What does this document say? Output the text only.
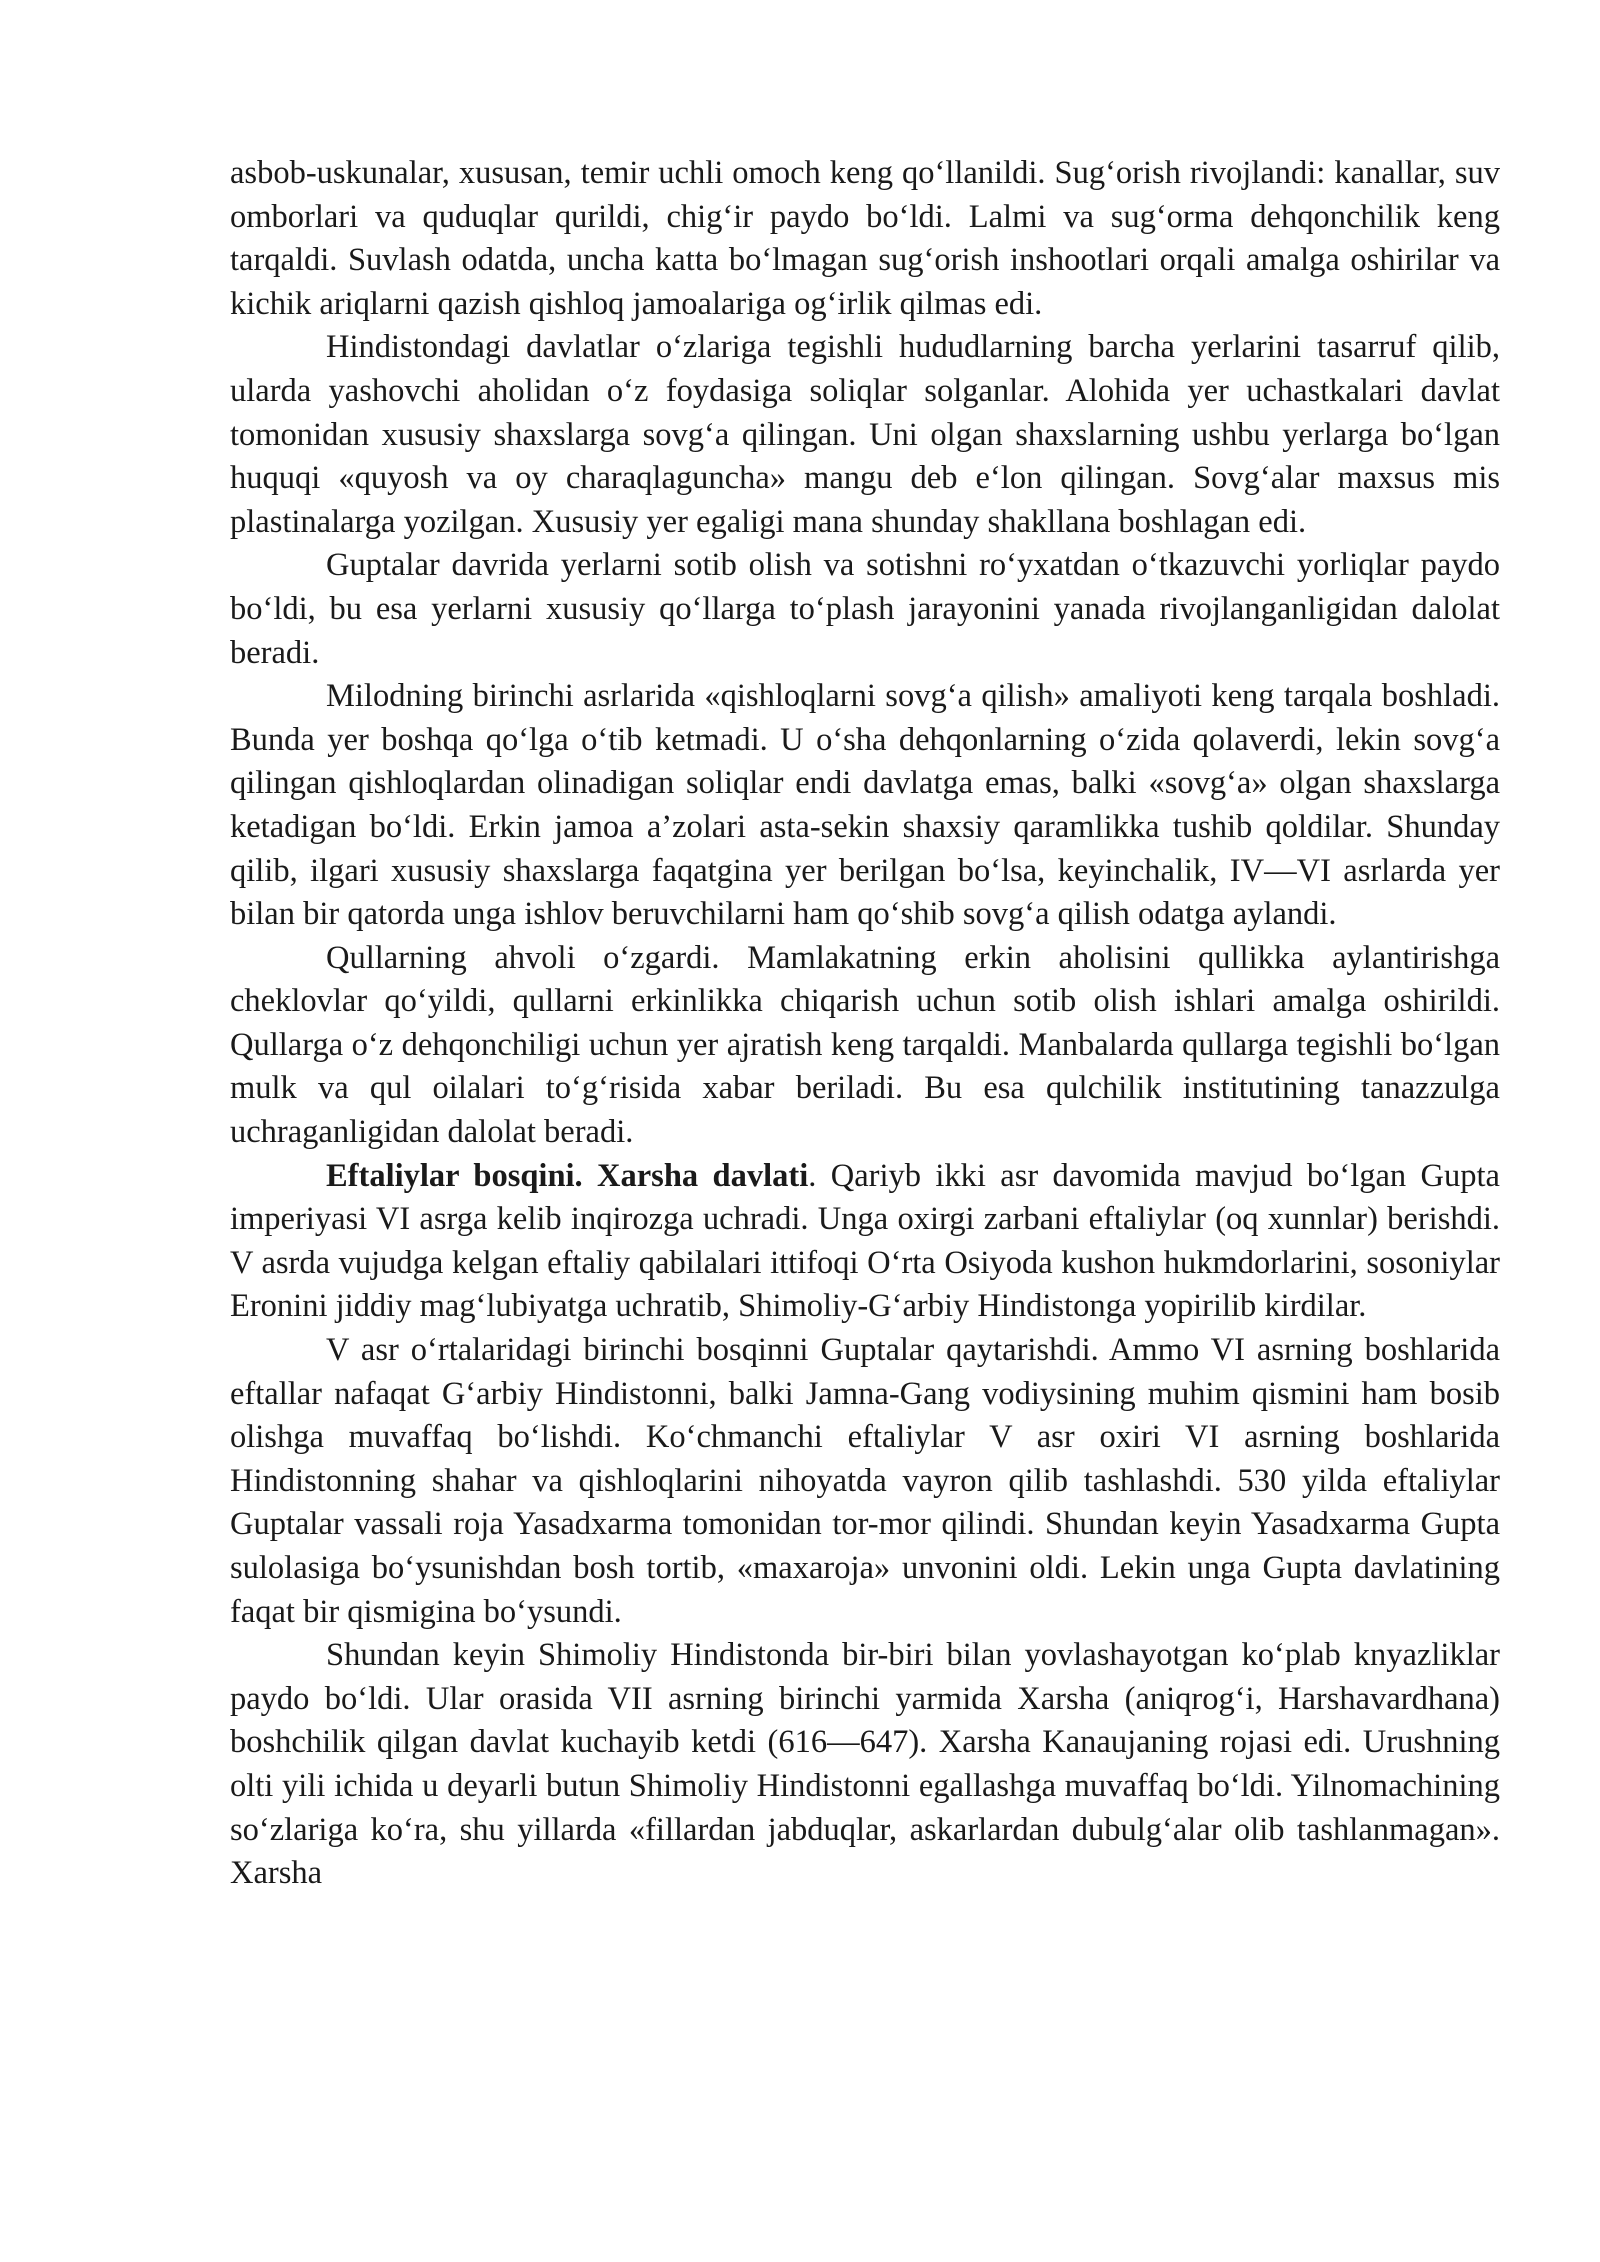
asbob-uskunalar, xususan, temir uchli omoch keng qo‘llanildi. Sug‘orish rivojlandi: kanallar, suv omborlari va quduqlar qurildi, chig‘ir paydo bo‘ldi. Lalmi va sug‘orma dehqonchilik keng tarqaldi. Suvlash odatda, uncha katta bo‘lmagan sug‘orish inshootlari orqali amalga oshirilar va kichik ariqlarni qazish qishloq jamoalariga og‘irlik qilmas edi.

Hindistondagi davlatlar o‘zlariga tegishli hududlarning barcha yerlarini tasarruf qilib, ularda yashovchi aholidan o‘z foydasiga soliqlar solganlar. Alohida yer uchastkalari davlat tomonidan xususiy shaxslarga sovg‘a qilingan. Uni olgan shaxslarning ushbu yerlarga bo‘lgan huquqi «quyosh va oy charaqlaguncha» mangu deb e‘lon qilingan. Sovg‘alar maxsus mis plastinalarga yozilgan. Xususiy yer egaligi mana shunday shakllana boshlagan edi.

Guptalar davrida yerlarni sotib olish va sotishni ro‘yxatdan o‘tkazuvchi yorliqlar paydo bo‘ldi, bu esa yerlarni xususiy qo‘llarga to‘plash jarayonini yanada rivojlanganligidan dalolat beradi.

Milodning birinchi asrlarida «qishloqlarni sovg‘a qilish» amaliyoti keng tarqala boshladi. Bunda yer boshqa qo‘lga o‘tib ketmadi. U o‘sha dehqonlarning o‘zida qolaverdi, lekin sovg‘a qilingan qishloqlardan olinadigan soliqlar endi davlatga emas, balki «sovg‘a» olgan shaxslarga ketadigan bo‘ldi. Erkin jamoa a’zolari asta-sekin shaxsiy qaramlikka tushib qoldilar. Shunday qilib, ilgari xususiy shaxslarga faqatgina yer berilgan bo‘lsa, keyinchalik, IV—VI asrlarda yer bilan bir qatorda unga ishlov beruvchilarni ham qo‘shib sovg‘a qilish odatga aylandi.

Qullarning ahvoli o‘zgardi. Mamlakatning erkin aholisini qullikka aylantirishga cheklovlar qo‘yildi, qullarni erkinlikka chiqarish uchun sotib olish ishlari amalga oshirildi. Qullarga o‘z dehqonchiligi uchun yer ajratish keng tarqaldi. Manbalarda qullarga tegishli bo‘lgan mulk va qul oilalari to‘g‘risida xabar beriladi. Bu esa qulchilik institutining tanazzulga uchraganligidan dalolat beradi.

Eftaliylar bosqini. Xarsha davlati. Qariyb ikki asr davomida mavjud bo‘lgan Gupta imperiyasi VI asrga kelib inqirozga uchradi. Unga oxirgi zarbani eftaliylar (oq xunnlar) berishdi. V asrda vujudga kelgan eftaliy qabilalari ittifoqi O‘rta Osiyoda kushon hukmdorlarini, sosoniylar Eronini jiddiy mag‘lubiyatga uchratib, Shimoliy-G‘arbiy Hindistonga yopirilib kirdilar.

V asr o‘rtalaridagi birinchi bosqinni Guptalar qaytarishdi. Ammo VI asrning boshlarida eftallar nafaqat G‘arbiy Hindistonni, balki Jamna-Gang vodiysining muhim qismini ham bosib olishga muvaffaq bo‘lishdi. Ko‘chmanchi eftaliylar V asr oxiri VI asrning boshlarida Hindistonning shahar va qishloqlarini nihoyatda vayron qilib tashlashdi. 530 yilda eftaliylar Guptalar vassali roja Yasadxarma tomonidan tor-mor qilindi. Shundan keyin Yasadxarma Gupta sulolasiga bo‘ysunishdan bosh tortib, «maxaroja» unvonini oldi. Lekin unga Gupta davlatining faqat bir qismigina bo‘ysundi.

Shundan keyin Shimoliy Hindistonda bir-biri bilan yovlashayotgan ko‘plab knyazliklar paydo bo‘ldi. Ular orasida VII asrning birinchi yarmida Xarsha (aniqrog‘i, Harshavardhana) boshchilik qilgan davlat kuchayib ketdi (616—647). Xarsha Kanaujaning rojasi edi. Urushning olti yili ichida u deyarli butun Shimoliy Hindistonni egallashga muvaffaq bo‘ldi. Yilnomachining so‘zlariga ko‘ra, shu yillarda «fillardan jabduqlar, askarlardan dubulg‘alar olib tashlanmagan». Xarsha
